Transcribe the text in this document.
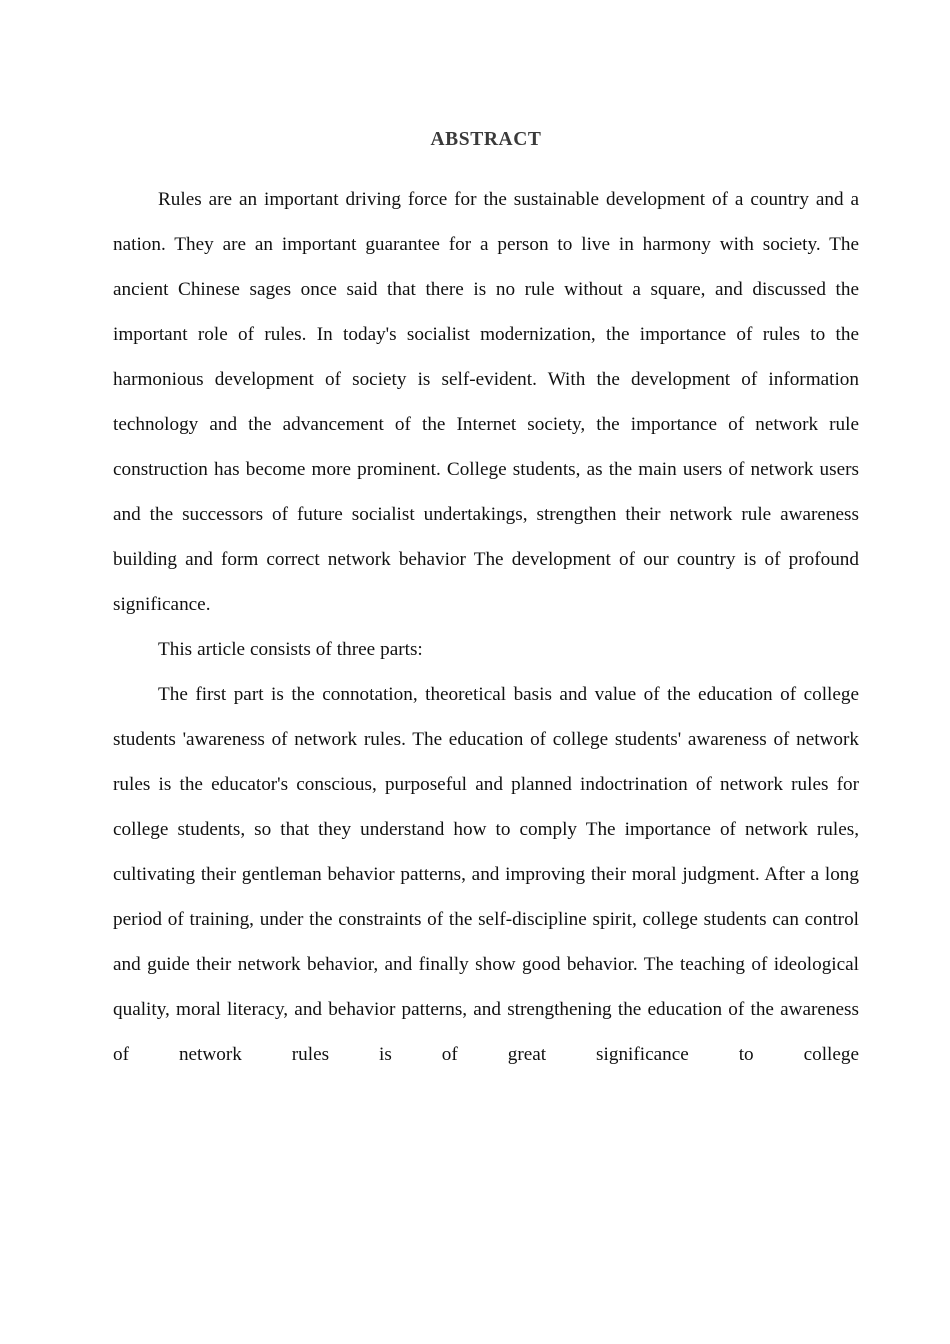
ABSTRACT

Rules are an important driving force for the sustainable development of a country and a nation. They are an important guarantee for a person to live in harmony with society. The ancient Chinese sages once said that there is no rule without a square, and discussed the important role of rules. In today's socialist modernization, the importance of rules to the harmonious development of society is self-evident. With the development of information technology and the advancement of the Internet society, the importance of network rule construction has become more prominent. College students, as the main users of network users and the successors of future socialist undertakings, strengthen their network rule awareness building and form correct network behavior The development of our country is of profound significance.

This article consists of three parts:

The first part is the connotation, theoretical basis and value of the education of college students 'awareness of network rules. The education of college students' awareness of network rules is the educator's conscious, purposeful and planned indoctrination of network rules for college students, so that they understand how to comply The importance of network rules, cultivating their gentleman behavior patterns, and improving their moral judgment. After a long period of training, under the constraints of the self-discipline spirit, college students can control and guide their network behavior, and finally show good behavior. The teaching of ideological quality, moral literacy, and behavior patterns, and strengthening the education of the awareness of network rules is of great significance to college
